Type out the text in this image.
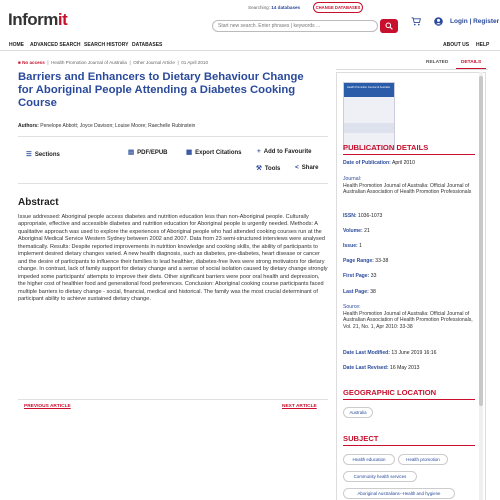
Informit
Searching: 14 databases	CHANGE DATABASES
Start new search. Enter phrases | keywords ...
Login | Register
HOME ADVANCED SEARCH SEARCH HISTORY DATABASES	ABOUT US HELP
■ No access  |  Health Promotion Journal of Australia  |  Other Journal Article  |  01 April 2010
Barriers and Enhancers to Dietary Behaviour Change for Aboriginal People Attending a Diabetes Cooking Course
Authors: Penelope Abbott; Joyce Davison; Louise Moore; Raechelle Rubinstein
☰ Sections	▤ PDF/EPUB	▦ Export Citations + Add to Favourite
⚒ Tools < Share
Abstract
Issue addressed: Aboriginal people access diabetes and nutrition education less than non-Aboriginal people. Culturally appropriate, effective and accessible diabetes and nutrition education for Aboriginal people is urgently needed. Methods: A qualitative approach was used to explore the experiences of Aboriginal people who had attended cooking courses run at the Aboriginal Medical Service Western Sydney between 2002 and 2007. Data from 23 semi-structured interviews were analysed thematically. Results: Despite reported improvements in nutrition knowledge and cooking skills, the ability of participants to implement desired dietary changes varied. A new health diagnosis, such as diabetes, pre-diabetes, heart disease or cancer and the desire of participants to influence their families to lead healthier, diabetes-free lives were strong motivators for dietary change. In contrast, lack of family support for dietary change and a sense of social isolation caused by dietary change strongly impeded some participants' attempts to improve their diets. Other significant barriers were poor oral health and depression, the higher cost of healthier food and generational food preferences. Conclusion: Aboriginal cooking course participants faced multiple barriers to dietary change - social, financial, medical and historical. The family was the most crucial determinant of participant ability to achieve sustained dietary change.
PREVIOUS ARTICLE	NEXT ARTICLE
RELATED	DETAILS
Health Promotion Journal of Australia
PUBLICATION DETAILS
Date of Publication: April 2010
Journal:
Health Promotion Journal of Australia: Official Journal of Australian Association of Health Promotion Professionals
ISSN: 1036-1073
Volume: 21
Issue: 1
Page Range: 33-38
First Page: 33
Last Page: 38
Source:
Health Promotion Journal of Australia: Official Journal of Australian Association of Health Promotion Professionals, Vol. 21, No. 1, Apr 2010: 33-38
Date Last Modified: 13 June 2019 16:16
Date Last Revised: 16 May 2013
GEOGRAPHIC LOCATION
Australia
SUBJECT
Health education	Health promotion
Community health services
Aboriginal Australians--Health and hygiene
